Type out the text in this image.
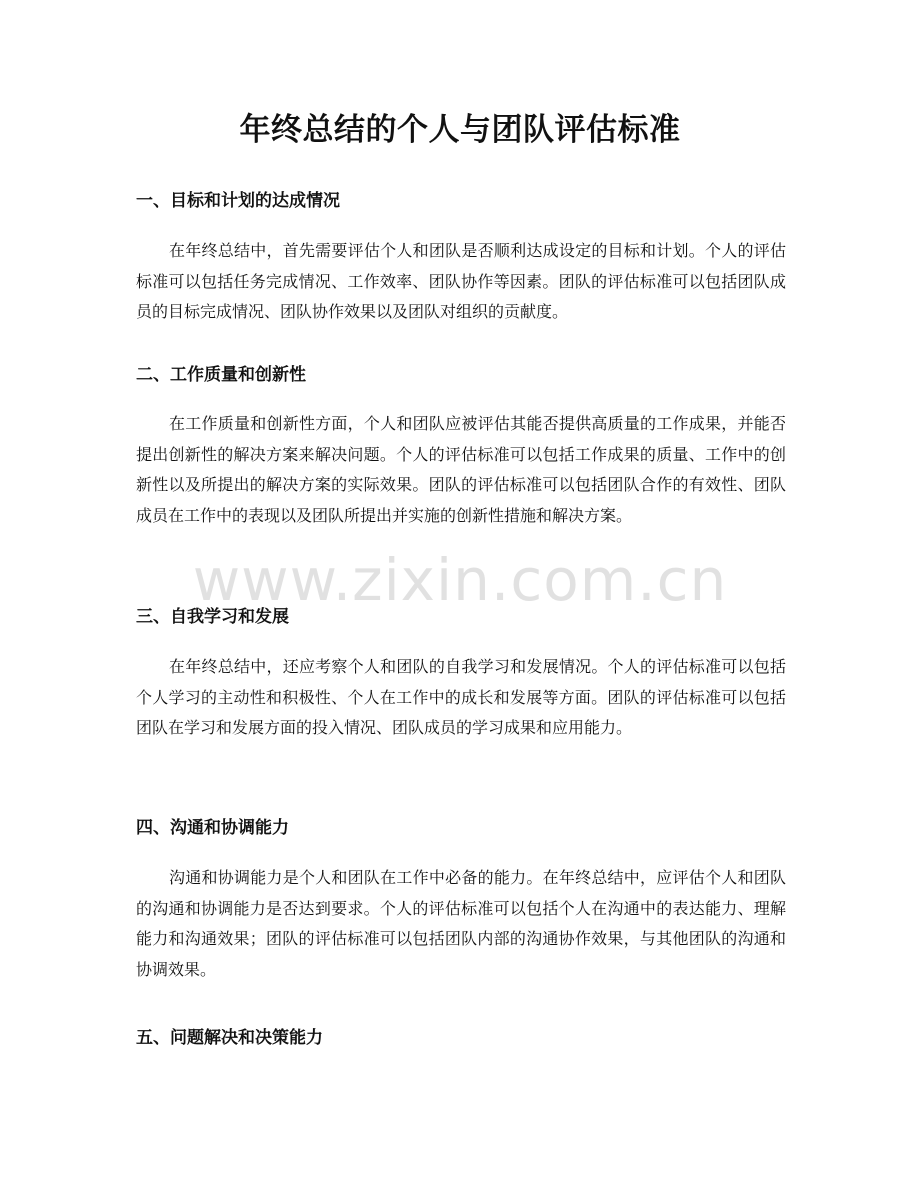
年终总结的个人与团队评估标准
一、目标和计划的达成情况

在年终总结中，首先需要评估个人和团队是否顺利达成设定的目标和计划。个人的评估标准可以包括任务完成情况、工作效率、团队协作等因素。团队的评估标准可以包括团队成员的目标完成情况、团队协作效果以及团队对组织的贡献度。

二、工作质量和创新性

在工作质量和创新性方面，个人和团队应被评估其能否提供高质量的工作成果，并能否提出创新性的解决方案来解决问题。个人的评估标准可以包括工作成果的质量、工作中的创新性以及所提出的解决方案的实际效果。团队的评估标准可以包括团队合作的有效性、团队成员在工作中的表现以及团队所提出并实施的创新性措施和解决方案。

三、自我学习和发展

在年终总结中，还应考察个人和团队的自我学习和发展情况。个人的评估标准可以包括个人学习的主动性和积极性、个人在工作中的成长和发展等方面。团队的评估标准可以包括团队在学习和发展方面的投入情况、团队成员的学习成果和应用能力。

四、沟通和协调能力

沟通和协调能力是个人和团队在工作中必备的能力。在年终总结中，应评估个人和团队的沟通和协调能力是否达到要求。个人的评估标准可以包括个人在沟通中的表达能力、理解能力和沟通效果；团队的评估标准可以包括团队内部的沟通协作效果，与其他团队的沟通和协调效果。

五、问题解决和决策能力
www.zixin.com.cn
